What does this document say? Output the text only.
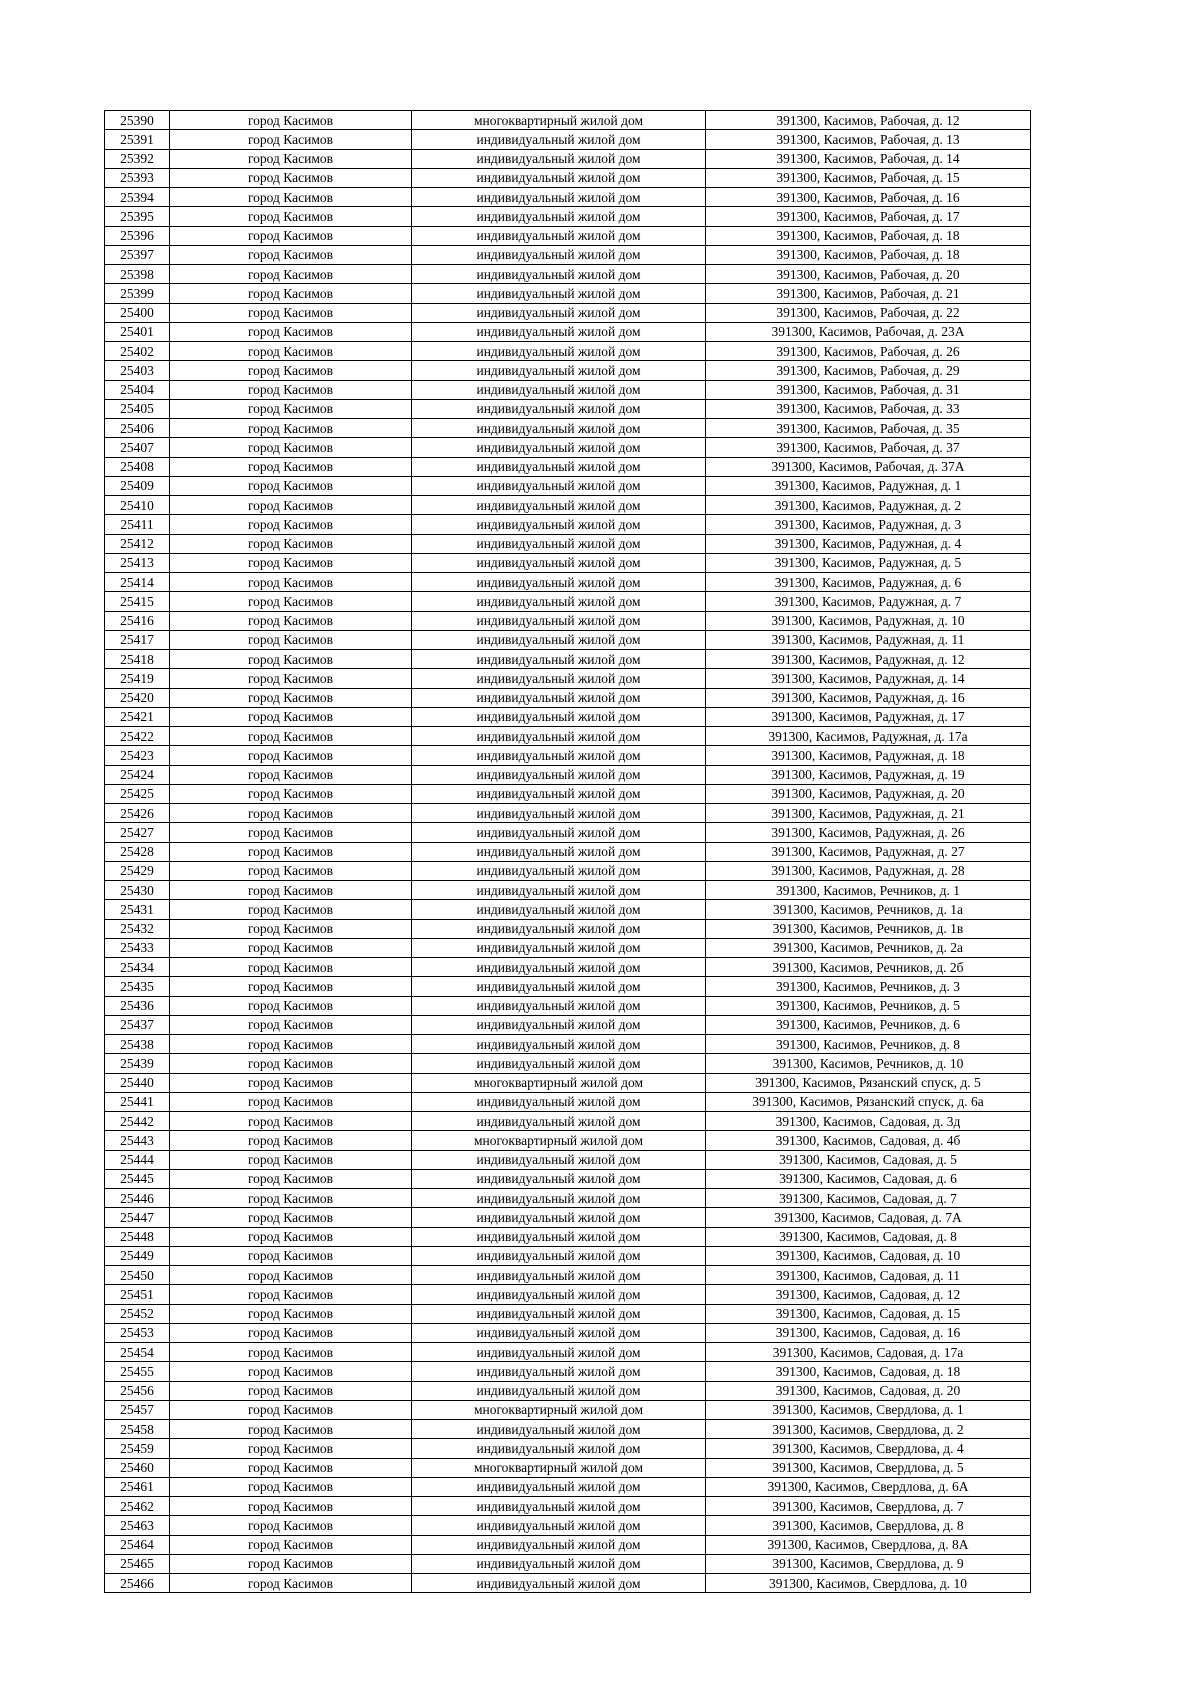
25390	город Касимов	многоквартирный жилой дом	391300, Касимов, Рабочая, д. 12
25391	город Касимов	индивидуальный жилой дом	391300, Касимов, Рабочая, д. 13
25392	город Касимов	индивидуальный жилой дом	391300, Касимов, Рабочая, д. 14
25393	город Касимов	индивидуальный жилой дом	391300, Касимов, Рабочая, д. 15
25394	город Касимов	индивидуальный жилой дом	391300, Касимов, Рабочая, д. 16
25395	город Касимов	индивидуальный жилой дом	391300, Касимов, Рабочая, д. 17
25396	город Касимов	индивидуальный жилой дом	391300, Касимов, Рабочая, д. 18
25397	город Касимов	индивидуальный жилой дом	391300, Касимов, Рабочая, д. 18
25398	город Касимов	индивидуальный жилой дом	391300, Касимов, Рабочая, д. 20
25399	город Касимов	индивидуальный жилой дом	391300, Касимов, Рабочая, д. 21
25400	город Касимов	индивидуальный жилой дом	391300, Касимов, Рабочая, д. 22
25401	город Касимов	индивидуальный жилой дом	391300, Касимов, Рабочая, д. 23А
25402	город Касимов	индивидуальный жилой дом	391300, Касимов, Рабочая, д. 26
25403	город Касимов	индивидуальный жилой дом	391300, Касимов, Рабочая, д. 29
25404	город Касимов	индивидуальный жилой дом	391300, Касимов, Рабочая, д. 31
25405	город Касимов	индивидуальный жилой дом	391300, Касимов, Рабочая, д. 33
25406	город Касимов	индивидуальный жилой дом	391300, Касимов, Рабочая, д. 35
25407	город Касимов	индивидуальный жилой дом	391300, Касимов, Рабочая, д. 37
25408	город Касимов	индивидуальный жилой дом	391300, Касимов, Рабочая, д. 37А
25409	город Касимов	индивидуальный жилой дом	391300, Касимов, Радужная, д. 1
25410	город Касимов	индивидуальный жилой дом	391300, Касимов, Радужная, д. 2
25411	город Касимов	индивидуальный жилой дом	391300, Касимов, Радужная, д. 3
25412	город Касимов	индивидуальный жилой дом	391300, Касимов, Радужная, д. 4
25413	город Касимов	индивидуальный жилой дом	391300, Касимов, Радужная, д. 5
25414	город Касимов	индивидуальный жилой дом	391300, Касимов, Радужная, д. 6
25415	город Касимов	индивидуальный жилой дом	391300, Касимов, Радужная, д. 7
25416	город Касимов	индивидуальный жилой дом	391300, Касимов, Радужная, д. 10
25417	город Касимов	индивидуальный жилой дом	391300, Касимов, Радужная, д. 11
25418	город Касимов	индивидуальный жилой дом	391300, Касимов, Радужная, д. 12
25419	город Касимов	индивидуальный жилой дом	391300, Касимов, Радужная, д. 14
25420	город Касимов	индивидуальный жилой дом	391300, Касимов, Радужная, д. 16
25421	город Касимов	индивидуальный жилой дом	391300, Касимов, Радужная, д. 17
25422	город Касимов	индивидуальный жилой дом	391300, Касимов, Радужная, д. 17а
25423	город Касимов	индивидуальный жилой дом	391300, Касимов, Радужная, д. 18
25424	город Касимов	индивидуальный жилой дом	391300, Касимов, Радужная, д. 19
25425	город Касимов	индивидуальный жилой дом	391300, Касимов, Радужная, д. 20
25426	город Касимов	индивидуальный жилой дом	391300, Касимов, Радужная, д. 21
25427	город Касимов	индивидуальный жилой дом	391300, Касимов, Радужная, д. 26
25428	город Касимов	индивидуальный жилой дом	391300, Касимов, Радужная, д. 27
25429	город Касимов	индивидуальный жилой дом	391300, Касимов, Радужная, д. 28
25430	город Касимов	индивидуальный жилой дом	391300, Касимов, Речников, д. 1
25431	город Касимов	индивидуальный жилой дом	391300, Касимов, Речников, д. 1а
25432	город Касимов	индивидуальный жилой дом	391300, Касимов, Речников, д. 1в
25433	город Касимов	индивидуальный жилой дом	391300, Касимов, Речников, д. 2а
25434	город Касимов	индивидуальный жилой дом	391300, Касимов, Речников, д. 2б
25435	город Касимов	индивидуальный жилой дом	391300, Касимов, Речников, д. 3
25436	город Касимов	индивидуальный жилой дом	391300, Касимов, Речников, д. 5
25437	город Касимов	индивидуальный жилой дом	391300, Касимов, Речников, д. 6
25438	город Касимов	индивидуальный жилой дом	391300, Касимов, Речников, д. 8
25439	город Касимов	индивидуальный жилой дом	391300, Касимов, Речников, д. 10
25440	город Касимов	многоквартирный жилой дом	391300, Касимов, Рязанский спуск, д. 5
25441	город Касимов	индивидуальный жилой дом	391300, Касимов, Рязанский спуск, д. 6а
25442	город Касимов	индивидуальный жилой дом	391300, Касимов, Садовая, д. 3д
25443	город Касимов	многоквартирный жилой дом	391300, Касимов, Садовая, д. 4б
25444	город Касимов	индивидуальный жилой дом	391300, Касимов, Садовая, д. 5
25445	город Касимов	индивидуальный жилой дом	391300, Касимов, Садовая, д. 6
25446	город Касимов	индивидуальный жилой дом	391300, Касимов, Садовая, д. 7
25447	город Касимов	индивидуальный жилой дом	391300, Касимов, Садовая, д. 7А
25448	город Касимов	индивидуальный жилой дом	391300, Касимов, Садовая, д. 8
25449	город Касимов	индивидуальный жилой дом	391300, Касимов, Садовая, д. 10
25450	город Касимов	индивидуальный жилой дом	391300, Касимов, Садовая, д. 11
25451	город Касимов	индивидуальный жилой дом	391300, Касимов, Садовая, д. 12
25452	город Касимов	индивидуальный жилой дом	391300, Касимов, Садовая, д. 15
25453	город Касимов	индивидуальный жилой дом	391300, Касимов, Садовая, д. 16
25454	город Касимов	индивидуальный жилой дом	391300, Касимов, Садовая, д. 17а
25455	город Касимов	индивидуальный жилой дом	391300, Касимов, Садовая, д. 18
25456	город Касимов	индивидуальный жилой дом	391300, Касимов, Садовая, д. 20
25457	город Касимов	многоквартирный жилой дом	391300, Касимов, Свердлова, д. 1
25458	город Касимов	индивидуальный жилой дом	391300, Касимов, Свердлова, д. 2
25459	город Касимов	индивидуальный жилой дом	391300, Касимов, Свердлова, д. 4
25460	город Касимов	многоквартирный жилой дом	391300, Касимов, Свердлова, д. 5
25461	город Касимов	индивидуальный жилой дом	391300, Касимов, Свердлова, д. 6А
25462	город Касимов	индивидуальный жилой дом	391300, Касимов, Свердлова, д. 7
25463	город Касимов	индивидуальный жилой дом	391300, Касимов, Свердлова, д. 8
25464	город Касимов	индивидуальный жилой дом	391300, Касимов, Свердлова, д. 8А
25465	город Касимов	индивидуальный жилой дом	391300, Касимов, Свердлова, д. 9
25466	город Касимов	индивидуальный жилой дом	391300, Касимов, Свердлова, д. 10
